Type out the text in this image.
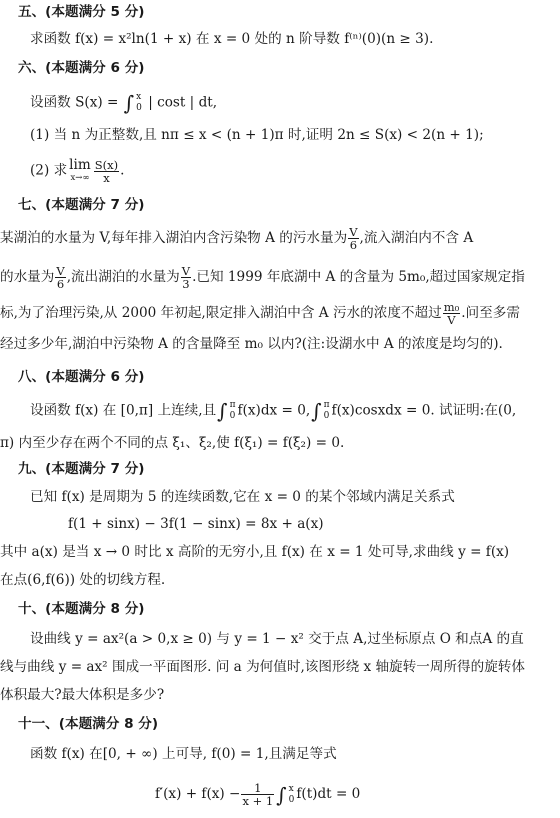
五、(本题满分 5 分)
求函数 f(x) = x²ln(1 + x) 在 x = 0 处的 n 阶导数 f⁽ⁿ⁾(0)(n ≥ 3).
六、(本题满分 6 分)
设函数 S(x) = ∫ x
0 | cost | dt,
(1) 当 n 为正整数,且 nπ ≤ x < (n + 1)π 时,证明 2n ≤ S(x) < 2(n + 1);
(2) 求 lim
$x\to\infty \frac{S(x)}{x}$ .
七、(本题满分 7 分)
某湖泊的水量为 V,每年排入湖泊内含污染物 A 的污水量为 $\frac{V}{6}$ ,流入湖泊内不含 A
的水量为 $\frac{V}{6}$ ,流出湖泊的水量为 $\frac{V}{3}$ .已知 1999 年底湖中 A 的含量为 5m₀,超过国家规定指
标,为了治理污染,从 2000 年初起,限定排入湖泊中含 A 污水的浓度不超过 $\frac{\text{m₀}}{V}$ .问至多需
经过多少年,湖泊中污染物 A 的含量降至 m₀ 以内?(注:设湖水中 A 的浓度是均匀的).
八、(本题满分 6 分)
设函数 f(x) 在 [0,π] 上连续,且∫ π
0 f(x)dx = 0,∫ π
0 f(x)cosxdx = 0. 试证明:在(0,
π) 内至少存在两个不同的点 ξ₁、ξ₂,使 f(ξ₁) = f(ξ₂) = 0.
九、(本题满分 7 分)
已知 f(x) 是周期为 5 的连续函数,它在 x = 0 的某个邻域内满足关系式
f(1 + sinx) − 3f(1 − sinx) = 8x + a(x)
其中 a(x) 是当 x → 0 时比 x 高阶的无穷小,且 f(x) 在 x = 1 处可导,求曲线 y = f(x)
在点(6,f(6)) 处的切线方程.
十、(本题满分 8 分)
设曲线 y = ax²(a > 0,x ≥ 0) 与 y = 1 − x² 交于点 A,过坐标原点 O 和点A 的直
线与曲线 y = ax² 围成一平面图形. 问 a 为何值时,该图形绕 x 轴旋转一周所得的旋转体
体积最大?最大体积是多少?
十一、(本题满分 8 分)
函数 f(x) 在[0, + ∞) 上可导, f(0) = 1,且满足等式
$f'(x) + f(x) - \frac{1}{x + 1}$ ∫ x
0 f(t)dt = 0
